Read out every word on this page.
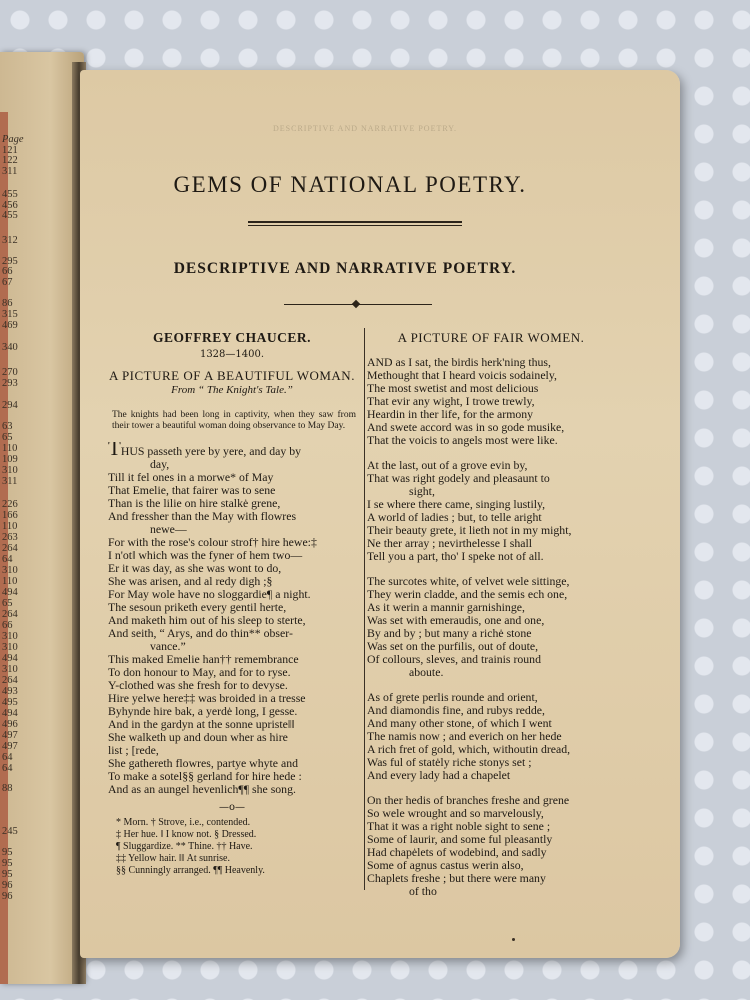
Page
121
122
311
455
456
455
312
295
66
67
86
315
469
340
270
293
294
63
65
110
109
310
311
226
166
110
263
264
64
310
110
494
65
264
66
310
310
494
310
264
493
495
494
496
497
497
64
64
88
245
95
95
95
96
96
DESCRIPTIVE AND NARRATIVE POETRY.
GEMS OF NATIONAL POETRY.
DESCRIPTIVE AND NARRATIVE POETRY.
GEOFFREY CHAUCER.
1328—1400.
A PICTURE OF A BEAUTIFUL WOMAN.
From “ The Knight's Tale.”
The knights had been long in captivity, when they saw from their tower a beautiful woman doing observance to May Day.
THUS passeth yere by yere, and day by
day,
Till it fel ones in a morwe* of May
That Emelie, that fairer was to sene
Than is the lilie on hire stalkė grene,
And fressher than the May with flowres
newe—
For with the rose's colour strof† hire hewe:‡
I n'ot‖ which was the fyner of hem two—
Er it was day, as she was wont to do,
She was arisen, and al redy digh ;§
For May wole have no sloggardie¶ a night.
The sesoun priketh every gentil herte,
And maketh him out of his sleep to sterte,
And seith, “ Arys, and do thin** obser-
vance.”
This maked Emelie han†† remembrance
To don honour to May, and for to ryse.
Y-clothed was she fresh for to devyse.
Hire yelwe here‡‡ was broided in a tresse
Byhynde hire bak, a yerdė long, I gesse.
And in the gardyn at the sonne upriste‖‖
She walketh up and doun wher as hire
list ; [rede,
She gathereth flowres, partye whyte and
To make a sotel§§ gerland for hire hede :
And as an aungel hevenlich¶¶ she song.
—o—
* Morn. † Strove, i.e., contended.
‡ Her hue. ‖ I know not. § Dressed.
¶ Sluggardize. ** Thine. †† Have.
‡‡ Yellow hair. ‖‖ At sunrise.
§§ Cunningly arranged. ¶¶ Heavenly.
A PICTURE OF FAIR WOMEN.
AND as I sat, the birdis herk'ning thus,
Methought that I heard voicis sodainely,
The most swetist and most delicious
That evir any wight, I trowe trewly,
Heardin in ther life, for the armony
And swete accord was in so gode musike,
That the voicis to angels most were like.
At the last, out of a grove evin by,
That was right godely and pleasaunt to
sight,
I se where there came, singing lustily,
A world of ladies ; but, to telle aright
Their beauty grete, it lieth not in my might,
Ne ther array ; nevirthelesse I shall
Tell you a part, tho' I speke not of all.
The surcotes white, of velvet wele sittinge,
They werin cladde, and the semis ech one,
As it werin a mannir garnishinge,
Was set with emeraudis, one and one,
By and by ; but many a richė stone
Was set on the purfilis, out of doute,
Of collours, sleves, and trainis round
aboute.
As of grete perlis rounde and orient,
And diamondis fine, and rubys redde,
And many other stone, of which I went
The namis now ; and everich on her hede
A rich fret of gold, which, withoutin dread,
Was ful of statėly riche stonys set ;
And every lady had a chapelet
On ther hedis of branches freshe and grene
So wele wrought and so marvelously,
That it was a right noble sight to sene ;
Some of laurir, and some ful pleasantly
Had chapėlets of wodebind, and sadly
Some of agnus castus werin also,
Chaplets freshe ; but there were many
of tho
